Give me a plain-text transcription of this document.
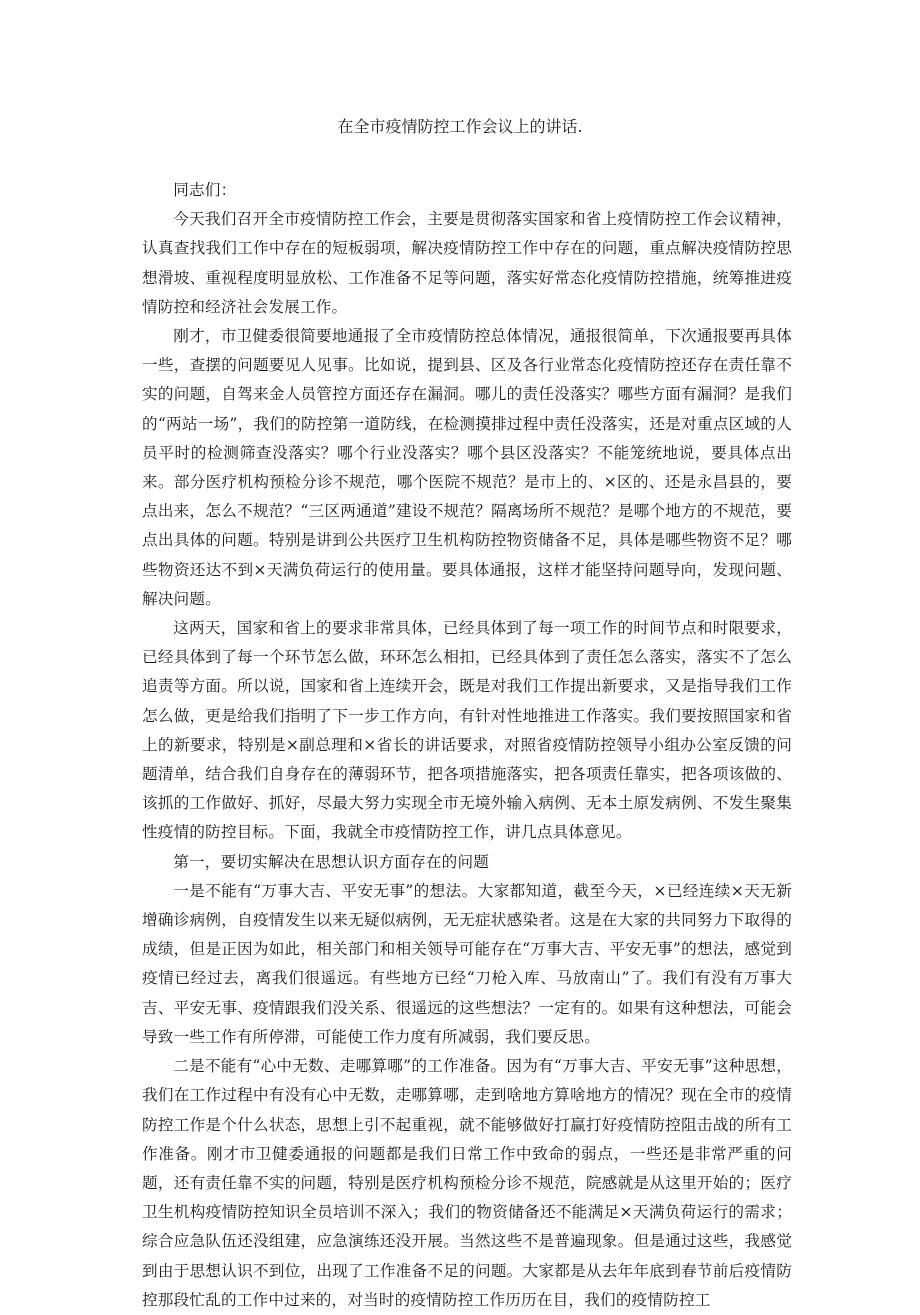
在全市疫情防控工作会议上的讲话.

同志们：

今天我们召开全市疫情防控工作会，主要是贯彻落实国家和省上疫情防控工作会议精神，认真查找我们工作中存在的短板弱项，解决疫情防控工作中存在的问题，重点解决疫情防控思想滑坡、重视程度明显放松、工作准备不足等问题，落实好常态化疫情防控措施，统筹推进疫情防控和经济社会发展工作。

刚才，市卫健委很简要地通报了全市疫情防控总体情况，通报很简单，下次通报要再具体一些，查摆的问题要见人见事。比如说，提到县、区及各行业常态化疫情防控还存在责任靠不实的问题，自驾来金人员管控方面还存在漏洞。哪儿的责任没落实？哪些方面有漏洞？是我们的“两站一场”，我们的防控第一道防线，在检测摸排过程中责任没落实，还是对重点区域的人员平时的检测筛查没落实？哪个行业没落实？哪个县区没落实？不能笼统地说，要具体点出来。部分医疗机构预检分诊不规范，哪个医院不规范？是市上的、×区的、还是永昌县的，要点出来，怎么不规范？“三区两通道”建设不规范？隔离场所不规范？是哪个地方的不规范，要点出具体的问题。特别是讲到公共医疗卫生机构防控物资储备不足，具体是哪些物资不足？哪些物资还达不到×天满负荷运行的使用量。要具体通报，这样才能坚持问题导向，发现问题、解决问题。

这两天，国家和省上的要求非常具体，已经具体到了每一项工作的时间节点和时限要求，已经具体到了每一个环节怎么做，环环怎么相扣，已经具体到了责任怎么落实，落实不了怎么追责等方面。所以说，国家和省上连续开会，既是对我们工作提出新要求，又是指导我们工作怎么做，更是给我们指明了下一步工作方向，有针对性地推进工作落实。我们要按照国家和省上的新要求，特别是×副总理和×省长的讲话要求，对照省疫情防控领导小组办公室反馈的问题清单，结合我们自身存在的薄弱环节，把各项措施落实，把各项责任靠实，把各项该做的、该抓的工作做好、抓好，尽最大努力实现全市无境外输入病例、无本土原发病例、不发生聚集性疫情的防控目标。下面，我就全市疫情防控工作，讲几点具体意见。

第一，要切实解决在思想认识方面存在的问题

一是不能有“万事大吉、平安无事”的想法。大家都知道，截至今天，×已经连续×天无新增确诊病例，自疫情发生以来无疑似病例，无无症状感染者。这是在大家的共同努力下取得的成绩，但是正因为如此，相关部门和相关领导可能存在“万事大吉、平安无事”的想法，感觉到疫情已经过去，离我们很遥远。有些地方已经“刀枪入库、马放南山”了。我们有没有万事大吉、平安无事、疫情跟我们没关系、很遥远的这些想法？一定有的。如果有这种想法，可能会导致一些工作有所停滞，可能使工作力度有所减弱，我们要反思。

二是不能有“心中无数、走哪算哪”的工作准备。因为有“万事大吉、平安无事”这种思想，我们在工作过程中有没有心中无数，走哪算哪，走到啥地方算啥地方的情况？现在全市的疫情防控工作是个什么状态，思想上引不起重视，就不能够做好打赢打好疫情防控阻击战的所有工作准备。刚才市卫健委通报的问题都是我们日常工作中致命的弱点，一些还是非常严重的问题，还有责任靠不实的问题，特别是医疗机构预检分诊不规范，院感就是从这里开始的；医疗卫生机构疫情防控知识全员培训不深入；我们的物资储备还不能满足×天满负荷运行的需求；综合应急队伍还没组建，应急演练还没开展。当然这些不是普遍现象。但是通过这些，我感觉到由于思想认识不到位，出现了工作准备不足的问题。大家都是从去年年底到春节前后疫情防控那段忙乱的工作中过来的，对当时的疫情防控工作历历在目，我们的疫情防控工
